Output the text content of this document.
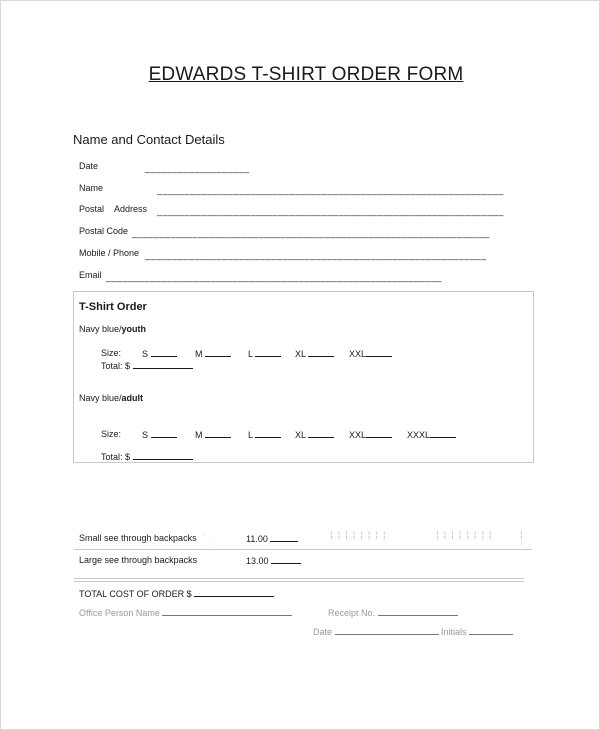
EDWARDS T-SHIRT ORDER FORM
Name and Contact Details
Date	___________________
Name	_______________________________________________________________
Postal Address _______________________________________________________________
Postal Code _________________________________________________________________
Mobile / Phone ______________________________________________________________
Email _____________________________________________________________
T-Shirt Order
Navy blue/youth
Size: S	M	L	XL	XXL
Total: $
Navy blue/adult
Size: S	M	L	XL	XXL	XXXL
Total: $
Small see through backpacks	11.00
Large see through backpacks	13.00
˙	⁞ ⁞ ⁞ ⁞ ⁞ ⁞ ⁞ ⁞	⁞ ⁞ ⁞ ⁞ ⁞ ⁞ ⁞ ⁞	⁞
˙
˙
TOTAL COST OF ORDER $
Office Person Name	Receipt No.
Date	Initials
